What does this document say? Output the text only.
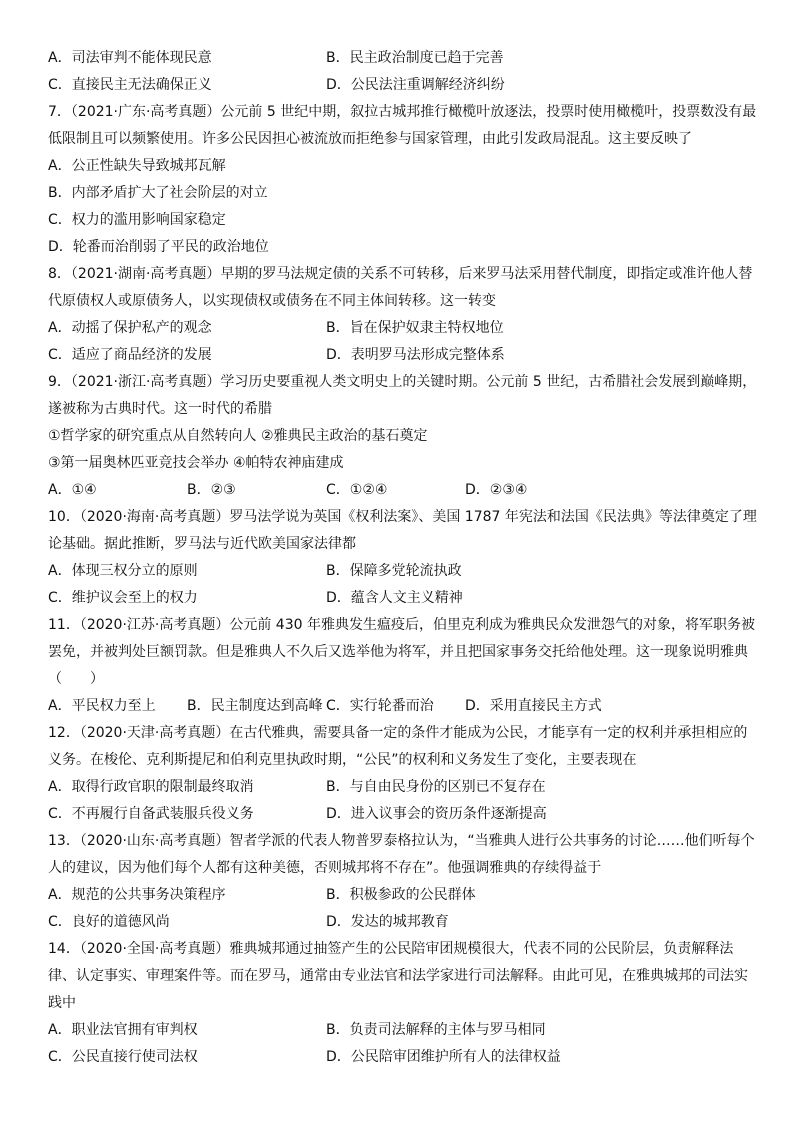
A．司法审判不能体现民意	B．民主政治制度已趋于完善
C．直接民主无法确保正义	D．公民法注重调解经济纠纷
7．（2021·广东·高考真题）公元前 5 世纪中期，叙拉古城邦推行橄榄叶放逐法，投票时使用橄榄叶，投票数没有最
低限制且可以频繁使用。许多公民因担心被流放而拒绝参与国家管理，由此引发政局混乱。这主要反映了
A．公正性缺失导致城邦瓦解
B．内部矛盾扩大了社会阶层的对立
C．权力的滥用影响国家稳定
D．轮番而治削弱了平民的政治地位
8．（2021·湖南·高考真题）早期的罗马法规定债的关系不可转移，后来罗马法采用替代制度，即指定或准许他人替
代原债权人或原债务人，以实现债权或债务在不同主体间转移。这一转变
A．动摇了保护私产的观念	B．旨在保护奴隶主特权地位
C．适应了商品经济的发展	D．表明罗马法形成完整体系
9．（2021·浙江·高考真题）学习历史要重视人类文明史上的关键时期。公元前 5 世纪，古希腊社会发展到巅峰期，
遂被称为古典时代。这一时代的希腊
①哲学家的研究重点从自然转向人 ②雅典民主政治的基石奠定
③第一届奥林匹亚竞技会举办 ④帕特农神庙建成
A．①④	B．②③	C．①②④	D．②③④
10．（2020·海南·高考真题）罗马法学说为英国《权利法案》、美国 1787 年宪法和法国《民法典》等法律奠定了理
论基础。据此推断，罗马法与近代欧美国家法律都
A．体现三权分立的原则	B．保障多党轮流执政
C．维护议会至上的权力	D．蕴含人文主义精神
11．（2020·江苏·高考真题）公元前 430 年雅典发生瘟疫后，伯里克利成为雅典民众发泄怨气的对象，将军职务被
罢免，并被判处巨额罚款。但是雅典人不久后又选举他为将军，并且把国家事务交托给他处理。这一现象说明雅典
（　　）
A．平民权力至上 B．民主制度达到高峰 C．实行轮番而治 D．采用直接民主方式
12．（2020·天津·高考真题）在古代雅典，需要具备一定的条件才能成为公民，才能享有一定的权利并承担相应的
义务。在梭伦、克利斯提尼和伯利克里执政时期，“公民”的权利和义务发生了变化，主要表现在
A．取得行政官职的限制最终取消	B．与自由民身份的区别已不复存在
C．不再履行自备武装服兵役义务	D．进入议事会的资历条件逐渐提高
13．（2020·山东·高考真题）智者学派的代表人物普罗泰格拉认为，“当雅典人进行公共事务的讨论……他们听每个
人的建议，因为他们每个人都有这种美德，否则城邦将不存在”。他强调雅典的存续得益于
A．规范的公共事务决策程序	B．积极参政的公民群体
C．良好的道德风尚	D．发达的城邦教育
14．（2020·全国·高考真题）雅典城邦通过抽签产生的公民陪审团规模很大，代表不同的公民阶层，负责解释法
律、认定事实、审理案件等。而在罗马，通常由专业法官和法学家进行司法解释。由此可见，在雅典城邦的司法实
践中
A．职业法官拥有审判权	B．负责司法解释的主体与罗马相同
C．公民直接行使司法权	D．公民陪审团维护所有人的法律权益
